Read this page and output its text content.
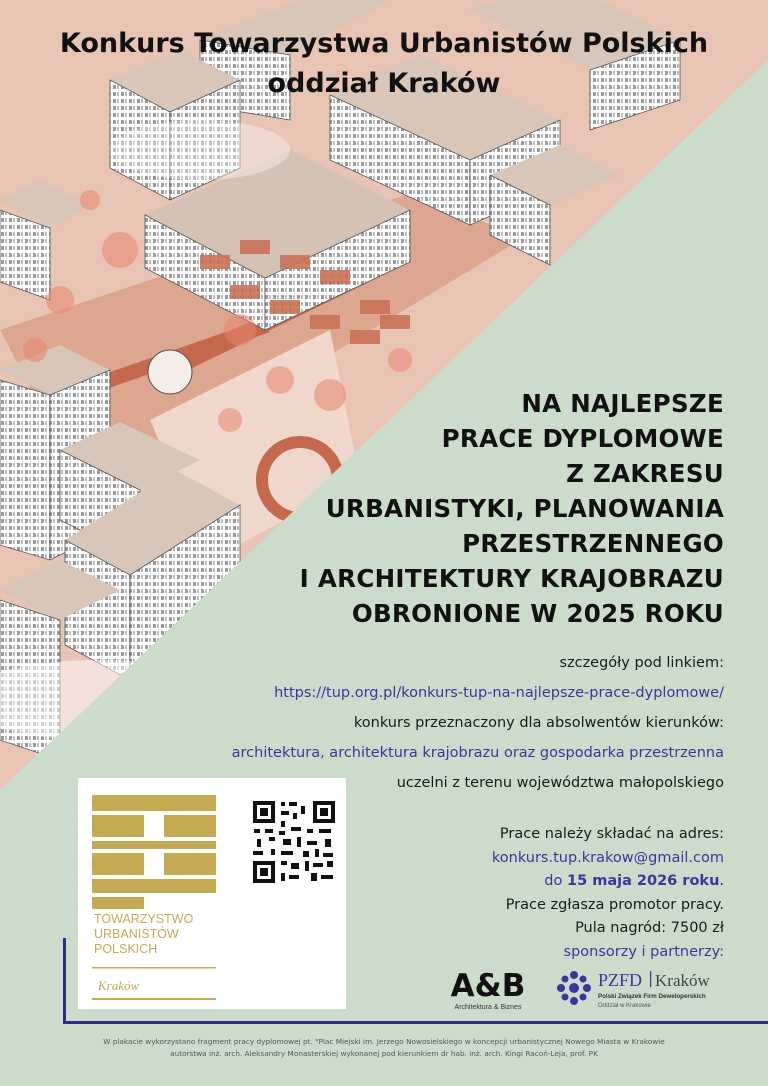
Konkurs Towarzystwa Urbanistów Polskich
oddział Kraków
NA NAJLEPSZE
PRACE DYPLOMOWE
Z ZAKRESU
URBANISTYKI, PLANOWANIA
PRZESTRZENNEGO
I ARCHITEKTURY KRAJOBRAZU
OBRONIONE W 2025 ROKU
szczegóły pod linkiem:
https://tup.org.pl/konkurs-tup-na-najlepsze-prace-dyplomowe/
konkurs przeznaczony dla absolwentów kierunków:
architektura, architektura krajobrazu oraz gospodarka przestrzenna
uczelni z terenu województwa małopolskiego
Prace należy składać na adres:
konkurs.tup.krakow@gmail.com
do 15 maja 2026 roku.
Prace zgłasza promotor pracy.
Pula nagród: 7500 zł
sponsorzy i partnerzy:
TOWARZYSTWO
URBANISTÓW
POLSKICH
Kraków	A&B
Architektura & Biznes
PZFD Kraków
Polski Związek Firm Deweloperskich
Oddział w Krakowie
W plakacie wykorzystano fragment pracy dyplomowej pt. "Plac Miejski im. Jerzego Nowosielskiego w koncepcji urbanistycznej Nowego Miasta w Krakowie
autorstwa inż. arch. Aleksandry Monasterskiej wykonanej pod kierunkiem dr hab. inż. arch. Kingi Racoń-Leja, prof. PK
